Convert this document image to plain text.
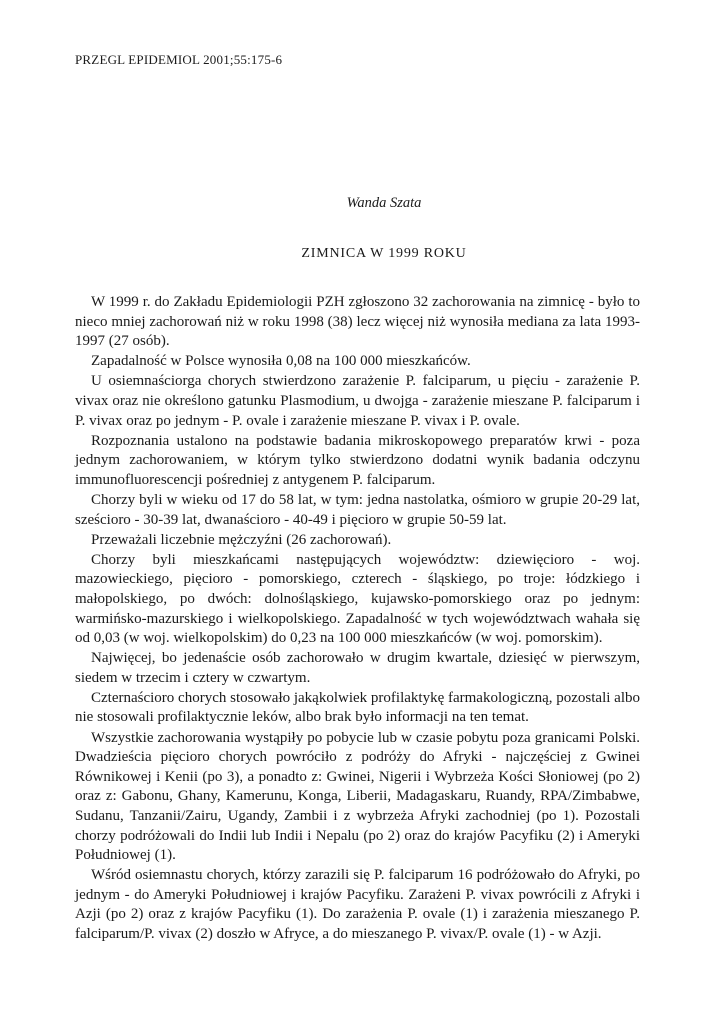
PRZEGL EPIDEMIOL 2001;55:175-6
Wanda Szata
ZIMNICA W 1999 ROKU

W 1999 r. do Zakładu Epidemiologii PZH zgłoszono 32 zachorowania na zimnicę - było to nieco mniej zachorowań niż w roku 1998 (38) lecz więcej niż wynosiła mediana za lata 1993-1997 (27 osób).

Zapadalność w Polsce wynosiła 0,08 na 100 000 mieszkańców.

U osiemnaściorga chorych stwierdzono zarażenie P. falciparum, u pięciu - zarażenie P. vivax oraz nie określono gatunku Plasmodium, u dwojga - zarażenie mieszane P. falciparum i P. vivax oraz po jednym - P. ovale i zarażenie mieszane P. vivax i P. ovale.

Rozpoznania ustalono na podstawie badania mikroskopowego preparatów krwi - poza jednym zachorowaniem, w którym tylko stwierdzono dodatni wynik badania odczynu immunofluorescencji pośredniej z antygenem P. falciparum.

Chorzy byli w wieku od 17 do 58 lat, w tym: jedna nastolatka, ośmioro w grupie 20-29 lat, sześcioro - 30-39 lat, dwanaścioro - 40-49 i pięcioro w grupie 50-59 lat.

Przeważali liczebnie mężczyźni (26 zachorowań).

Chorzy byli mieszkańcami następujących województw: dziewięcioro - woj. mazowieckiego, pięcioro - pomorskiego, czterech - śląskiego, po troje: łódzkiego i małopolskiego, po dwóch: dolnośląskiego, kujawsko-pomorskiego oraz po jednym: warmińsko-mazurskiego i wielkopolskiego. Zapadalność w tych województwach wahała się od 0,03 (w woj. wielkopolskim) do 0,23 na 100 000 mieszkańców (w woj. pomorskim).

Najwięcej, bo jedenaście osób zachorowało w drugim kwartale, dziesięć w pierwszym, siedem w trzecim i cztery w czwartym.

Czternaścioro chorych stosowało jakąkolwiek profilaktykę farmakologiczną, pozostali albo nie stosowali profilaktycznie leków, albo brak było informacji na ten temat.

Wszystkie zachorowania wystąpiły po pobycie lub w czasie pobytu poza granicami Polski. Dwadzieścia pięcioro chorych powróciło z podróży do Afryki - najczęściej z Gwinei Równikowej i Kenii (po 3), a ponadto z: Gwinei, Nigerii i Wybrzeża Kości Słoniowej (po 2) oraz z: Gabonu, Ghany, Kamerunu, Konga, Liberii, Madagaskaru, Ruandy, RPA/Zimbabwe, Sudanu, Tanzanii/Zairu, Ugandy, Zambii i z wybrzeża Afryki zachodniej (po 1). Pozostali chorzy podróżowali do Indii lub Indii i Nepalu (po 2) oraz do krajów Pacyfiku (2) i Ameryki Południowej (1).

Wśród osiemnastu chorych, którzy zarazili się P. falciparum 16 podróżowało do Afryki, po jednym - do Ameryki Południowej i krajów Pacyfiku. Zarażeni P. vivax powrócili z Afryki i Azji (po 2) oraz z krajów Pacyfiku (1). Do zarażenia P. ovale (1) i zarażenia mieszanego P. falciparum/P. vivax (2) doszło w Afryce, a do mieszanego P. vivax/P. ovale (1) - w Azji.
